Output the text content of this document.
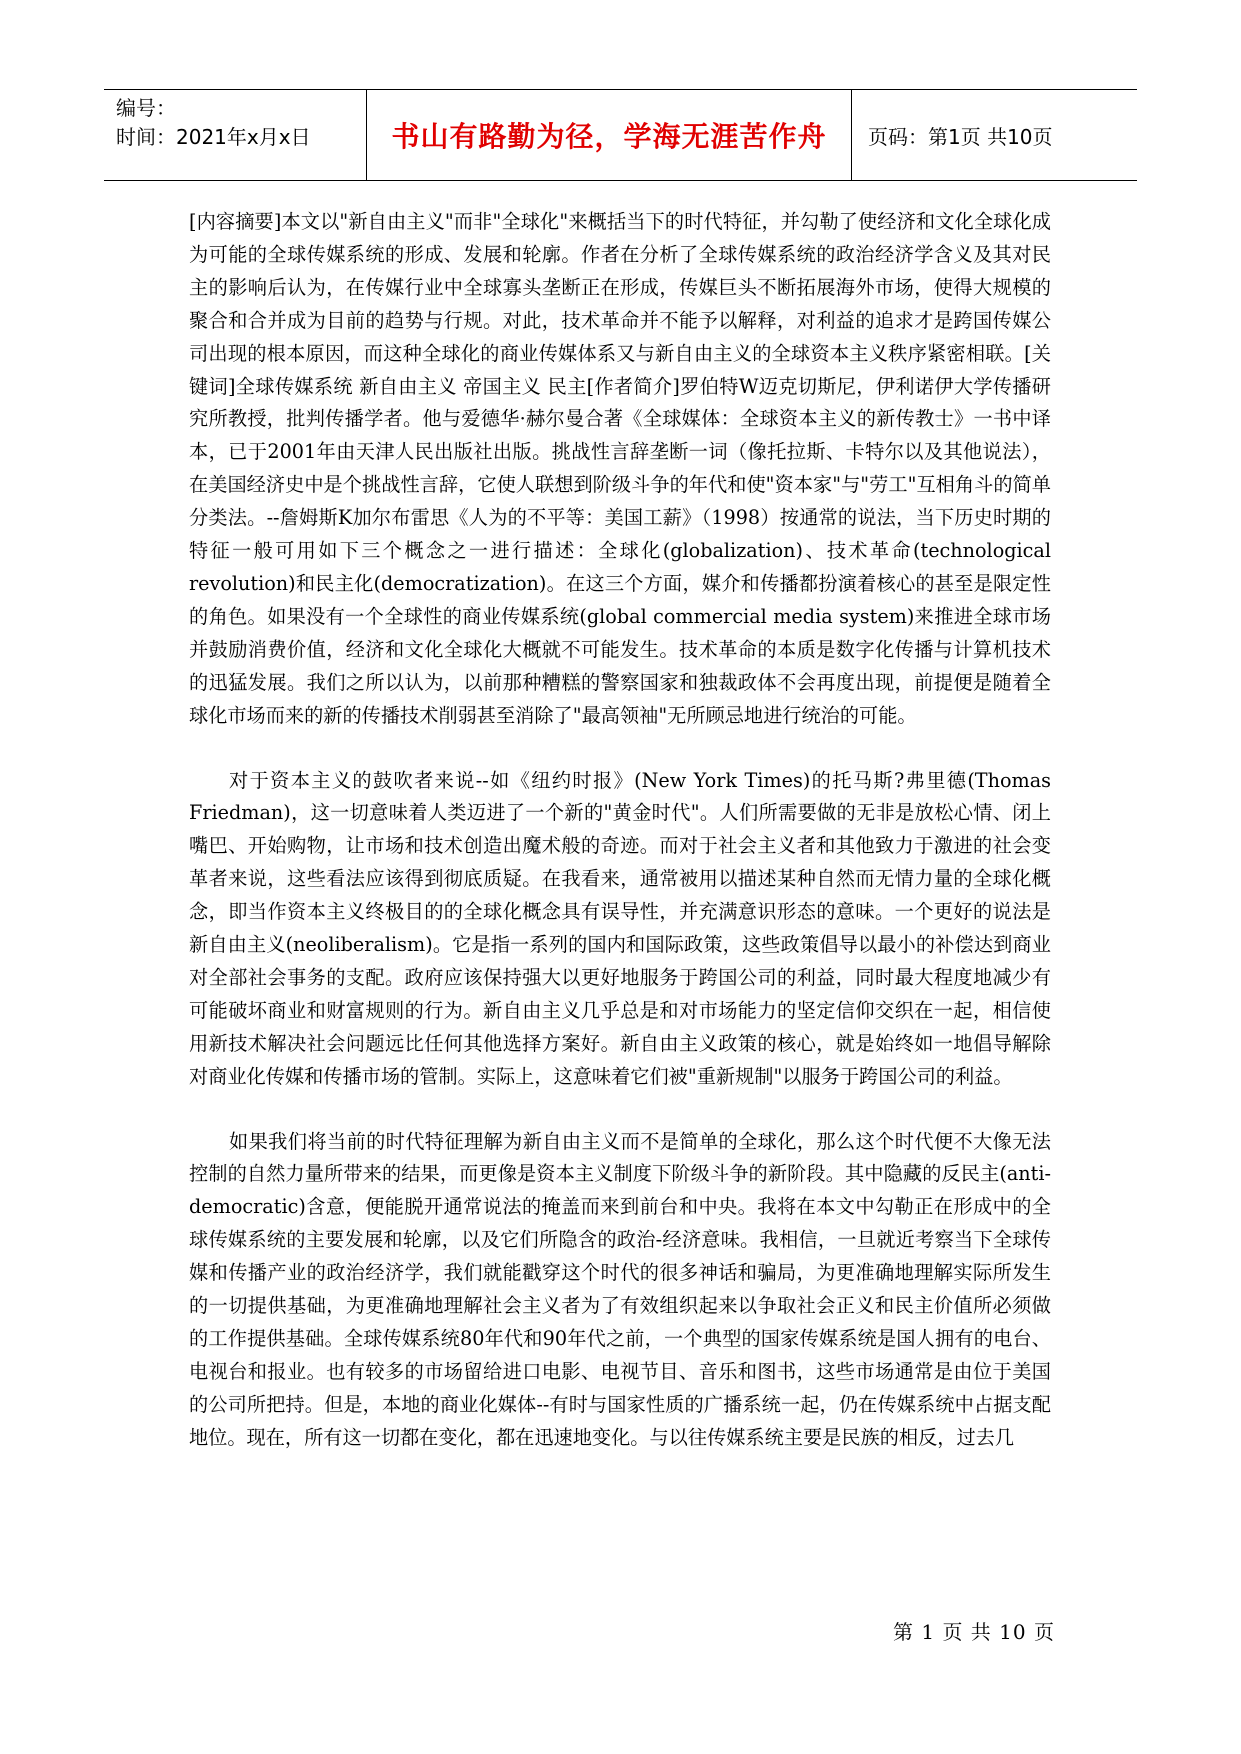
编号：
时间：2021年x月x日	书山有路勤为径，学海无涯苦作舟	页码：第1页 共10页

[内容摘要]本文以"新自由主义"而非"全球化"来概括当下的时代特征，并勾勒了使经济和文化全球化成为可能的全球传媒系统的形成、发展和轮廓。作者在分析了全球传媒系统的政治经济学含义及其对民主的影响后认为，在传媒行业中全球寡头垄断正在形成，传媒巨头不断拓展海外市场，使得大规模的聚合和合并成为目前的趋势与行规。对此，技术革命并不能予以解释，对利益的追求才是跨国传媒公司出现的根本原因，而这种全球化的商业传媒体系又与新自由主义的全球资本主义秩序紧密相联。[关键词]全球传媒系统 新自由主义 帝国主义 民主[作者简介]罗伯特W迈克切斯尼，伊利诺伊大学传播研究所教授，批判传播学者。他与爱德华·赫尔曼合著《全球媒体：全球资本主义的新传教士》一书中译本，已于2001年由天津人民出版社出版。挑战性言辞垄断一词（像托拉斯、卡特尔以及其他说法），在美国经济史中是个挑战性言辞，它使人联想到阶级斗争的年代和使"资本家"与"劳工"互相角斗的简单分类法。--詹姆斯K加尔布雷思《人为的不平等：美国工薪》（1998）按通常的说法，当下历史时期的特征一般可用如下三个概念之一进行描述：全球化(globalization)、技术革命(technological revolution)和民主化(democratization)。在这三个方面，媒介和传播都扮演着核心的甚至是限定性的角色。如果没有一个全球性的商业传媒系统(global commercial media system)来推进全球市场并鼓励消费价值，经济和文化全球化大概就不可能发生。技术革命的本质是数字化传播与计算机技术的迅猛发展。我们之所以认为，以前那种糟糕的警察国家和独裁政体不会再度出现，前提便是随着全球化市场而来的新的传播技术削弱甚至消除了"最高领袖"无所顾忌地进行统治的可能。

对于资本主义的鼓吹者来说--如《纽约时报》(New York Times)的托马斯?弗里德(Thomas Friedman)，这一切意味着人类迈进了一个新的"黄金时代"。人们所需要做的无非是放松心情、闭上嘴巴、开始购物，让市场和技术创造出魔术般的奇迹。而对于社会主义者和其他致力于激进的社会变革者来说，这些看法应该得到彻底质疑。在我看来，通常被用以描述某种自然而无情力量的全球化概念，即当作资本主义终极目的的全球化概念具有误导性，并充满意识形态的意味。一个更好的说法是新自由主义(neoliberalism)。它是指一系列的国内和国际政策，这些政策倡导以最小的补偿达到商业对全部社会事务的支配。政府应该保持强大以更好地服务于跨国公司的利益，同时最大程度地减少有可能破坏商业和财富规则的行为。新自由主义几乎总是和对市场能力的坚定信仰交织在一起，相信使用新技术解决社会问题远比任何其他选择方案好。新自由主义政策的核心，就是始终如一地倡导解除对商业化传媒和传播市场的管制。实际上，这意味着它们被"重新规制"以服务于跨国公司的利益。

如果我们将当前的时代特征理解为新自由主义而不是简单的全球化，那么这个时代便不大像无法控制的自然力量所带来的结果，而更像是资本主义制度下阶级斗争的新阶段。其中隐藏的反民主(anti-democratic)含意，便能脱开通常说法的掩盖而来到前台和中央。我将在本文中勾勒正在形成中的全球传媒系统的主要发展和轮廓，以及它们所隐含的政治-经济意味。我相信，一旦就近考察当下全球传媒和传播产业的政治经济学，我们就能戳穿这个时代的很多神话和骗局，为更准确地理解实际所发生的一切提供基础，为更准确地理解社会主义者为了有效组织起来以争取社会正义和民主价值所必须做的工作提供基础。全球传媒系统80年代和90年代之前，一个典型的国家传媒系统是国人拥有的电台、电视台和报业。也有较多的市场留给进口电影、电视节目、音乐和图书，这些市场通常是由位于美国的公司所把持。但是，本地的商业化媒体--有时与国家性质的广播系统一起，仍在传媒系统中占据支配地位。现在，所有这一切都在变化，都在迅速地变化。与以往传媒系统主要是民族的相反，过去几

第 1 页 共 10 页
